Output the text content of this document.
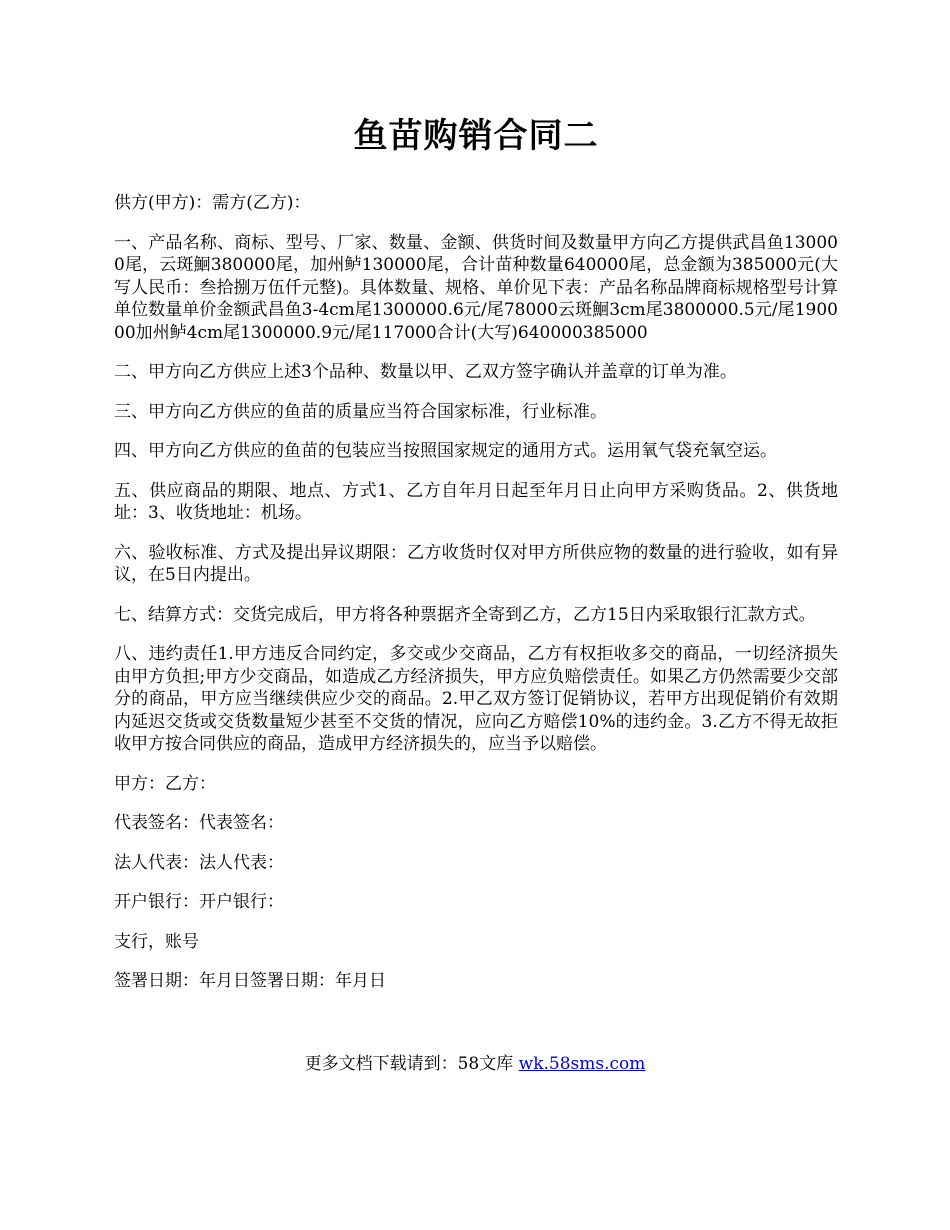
鱼苗购销合同二

供方(甲方)：需方(乙方)：

一、产品名称、商标、型号、厂家、数量、金额、供货时间及数量甲方向乙方提供武昌鱼130000尾，云斑鮰380000尾，加州鲈130000尾，合计苗种数量640000尾，总金额为385000元(大写人民币：叁拾捌万伍仟元整)。具体数量、规格、单价见下表：产品名称品牌商标规格型号计算单位数量单价金额武昌鱼3-4cm尾1300000.6元/尾78000云斑鮰3cm尾3800000.5元/尾190000加州鲈4cm尾1300000.9元/尾117000合计(大写)640000385000

二、甲方向乙方供应上述3个品种、数量以甲、乙双方签字确认并盖章的订单为准。

三、甲方向乙方供应的鱼苗的质量应当符合国家标准，行业标准。

四、甲方向乙方供应的鱼苗的包装应当按照国家规定的通用方式。运用氧气袋充氧空运。

五、供应商品的期限、地点、方式1、乙方自年月日起至年月日止向甲方采购货品。2、供货地址：3、收货地址：机场。

六、验收标准、方式及提出异议期限：乙方收货时仅对甲方所供应物的数量的进行验收，如有异议，在5日内提出。

七、结算方式：交货完成后，甲方将各种票据齐全寄到乙方，乙方15日内采取银行汇款方式。

八、违约责任1.甲方违反合同约定，多交或少交商品，乙方有权拒收多交的商品，一切经济损失由甲方负担;甲方少交商品，如造成乙方经济损失，甲方应负赔偿责任。如果乙方仍然需要少交部分的商品，甲方应当继续供应少交的商品。2.甲乙双方签订促销协议，若甲方出现促销价有效期内延迟交货或交货数量短少甚至不交货的情况，应向乙方赔偿10%的违约金。3.乙方不得无故拒收甲方按合同供应的商品，造成甲方经济损失的，应当予以赔偿。

甲方：乙方：

代表签名：代表签名：

法人代表：法人代表：

开户银行：开户银行：

支行，账号

签署日期：年月日签署日期：年月日

更多文档下载请到：58文库 wk.58sms.com
